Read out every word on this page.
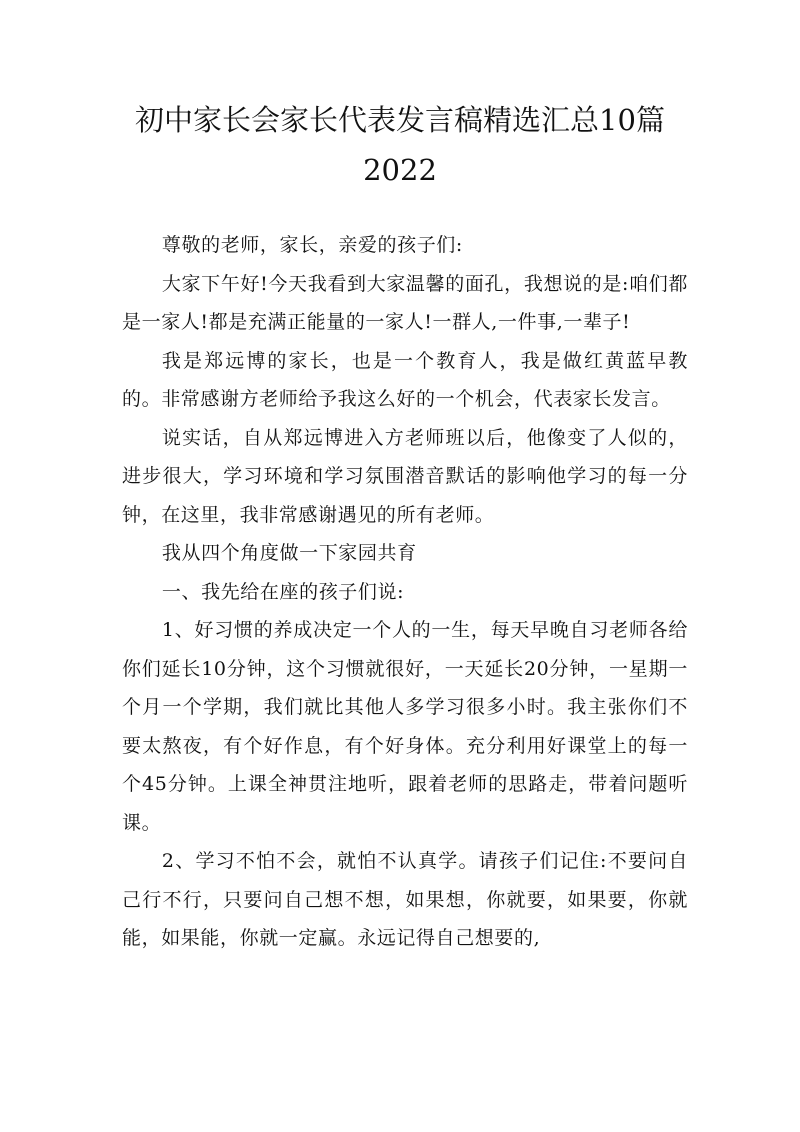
初中家长会家长代表发言稿精选汇总10篇2022

尊敬的老师，家长，亲爱的孩子们:

大家下午好!今天我看到大家温馨的面孔，我想说的是:咱们都是一家人!都是充满正能量的一家人!一群人,一件事,一辈子!

我是郑远博的家长，也是一个教育人，我是做红黄蓝早教的。非常感谢方老师给予我这么好的一个机会，代表家长发言。

说实话，自从郑远博进入方老师班以后，他像变了人似的，进步很大，学习环境和学习氛围潜音默话的影响他学习的每一分钟，在这里，我非常感谢遇见的所有老师。

我从四个角度做一下家园共育

一、我先给在座的孩子们说:

1、好习惯的养成决定一个人的一生，每天早晚自习老师各给你们延长10分钟，这个习惯就很好，一天延长20分钟，一星期一个月一个学期，我们就比其他人多学习很多小时。我主张你们不要太熬夜，有个好作息，有个好身体。充分利用好课堂上的每一个45分钟。上课全神贯注地听，跟着老师的思路走，带着问题听课。

2、学习不怕不会，就怕不认真学。请孩子们记住:不要问自己行不行，只要问自己想不想，如果想，你就要，如果要，你就能，如果能，你就一定赢。永远记得自己想要的,
